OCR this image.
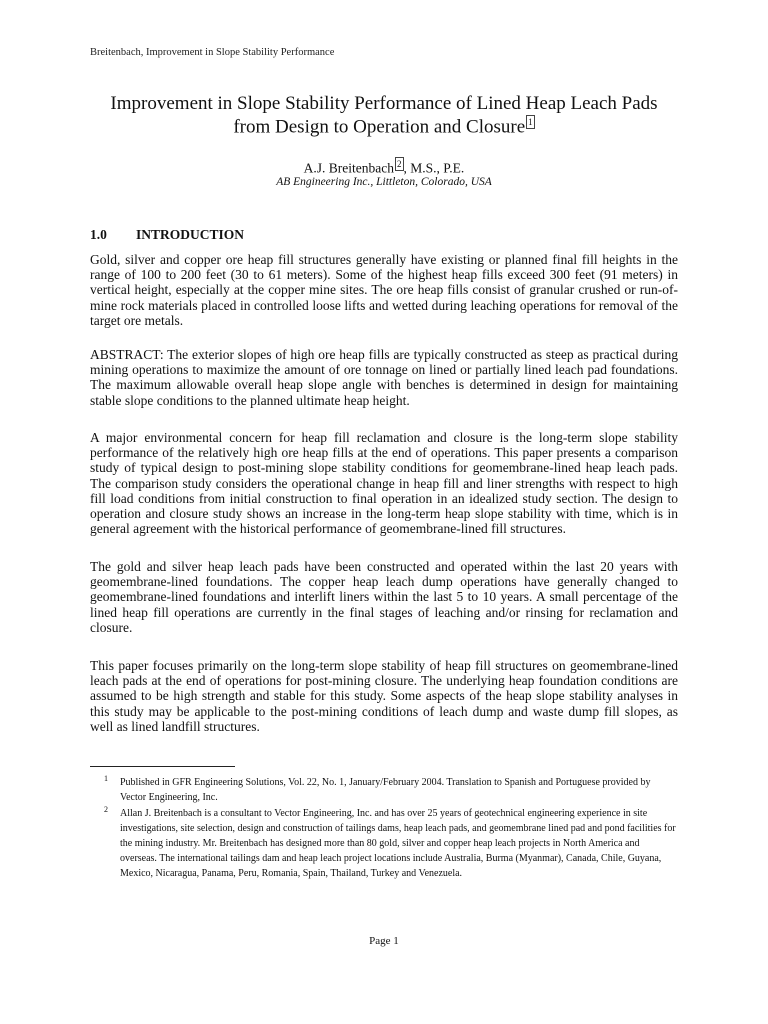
Breitenbach, Improvement in Slope Stability Performance
Improvement in Slope Stability Performance of Lined Heap Leach Pads
from Design to Operation and Closure 1
A.J. Breitenbach 2 , M.S., P.E.
AB Engineering Inc., Littleton, Colorado, USA
1.0 INTRODUCTION

Gold, silver and copper ore heap fill structures generally have existing or planned final fill heights in the range of 100 to 200 feet (30 to 61 meters). Some of the highest heap fills exceed 300 feet (91 meters) in vertical height, especially at the copper mine sites. The ore heap fills consist of granular crushed or run-of-mine rock materials placed in controlled loose lifts and wetted during leaching operations for removal of the target ore metals.

ABSTRACT: The exterior slopes of high ore heap fills are typically constructed as steep as practical during mining operations to maximize the amount of ore tonnage on lined or partially lined leach pad foundations. The maximum allowable overall heap slope angle with benches is determined in design for maintaining stable slope conditions to the planned ultimate heap height.

A major environmental concern for heap fill reclamation and closure is the long-term slope stability performance of the relatively high ore heap fills at the end of operations. This paper presents a comparison study of typical design to post-mining slope stability conditions for geomembrane-lined heap leach pads. The comparison study considers the operational change in heap fill and liner strengths with respect to high fill load conditions from initial construction to final operation in an idealized study section. The design to operation and closure study shows an increase in the long-term heap slope stability with time, which is in general agreement with the historical performance of geomembrane-lined fill structures.

The gold and silver heap leach pads have been constructed and operated within the last 20 years with geomembrane-lined foundations. The copper heap leach dump operations have generally changed to geomembrane-lined foundations and interlift liners within the last 5 to 10 years. A small percentage of the lined heap fill operations are currently in the final stages of leaching and/or rinsing for reclamation and closure.

This paper focuses primarily on the long-term slope stability of heap fill structures on geomembrane-lined leach pads at the end of operations for post-mining closure. The underlying heap foundation conditions are assumed to be high strength and stable for this study. Some aspects of the heap slope stability analyses in this study may be applicable to the post-mining conditions of leach dump and waste dump fill slopes, as well as lined landfill structures.

1 Published in GFR Engineering Solutions, Vol. 22, No. 1, January/February 2004. Translation to Spanish and Portuguese provided by Vector Engineering, Inc.
2 Allan J. Breitenbach is a consultant to Vector Engineering, Inc. and has over 25 years of geotechnical engineering experience in site investigations, site selection, design and construction of tailings dams, heap leach pads, and geomembrane lined pad and pond facilities for the mining industry. Mr. Breitenbach has designed more than 80 gold, silver and copper heap leach projects in North America and overseas. The international tailings dam and heap leach project locations include Australia, Burma (Myanmar), Canada, Chile, Guyana, Mexico, Nicaragua, Panama, Peru, Romania, Spain, Thailand, Turkey and Venezuela.
Page 1
